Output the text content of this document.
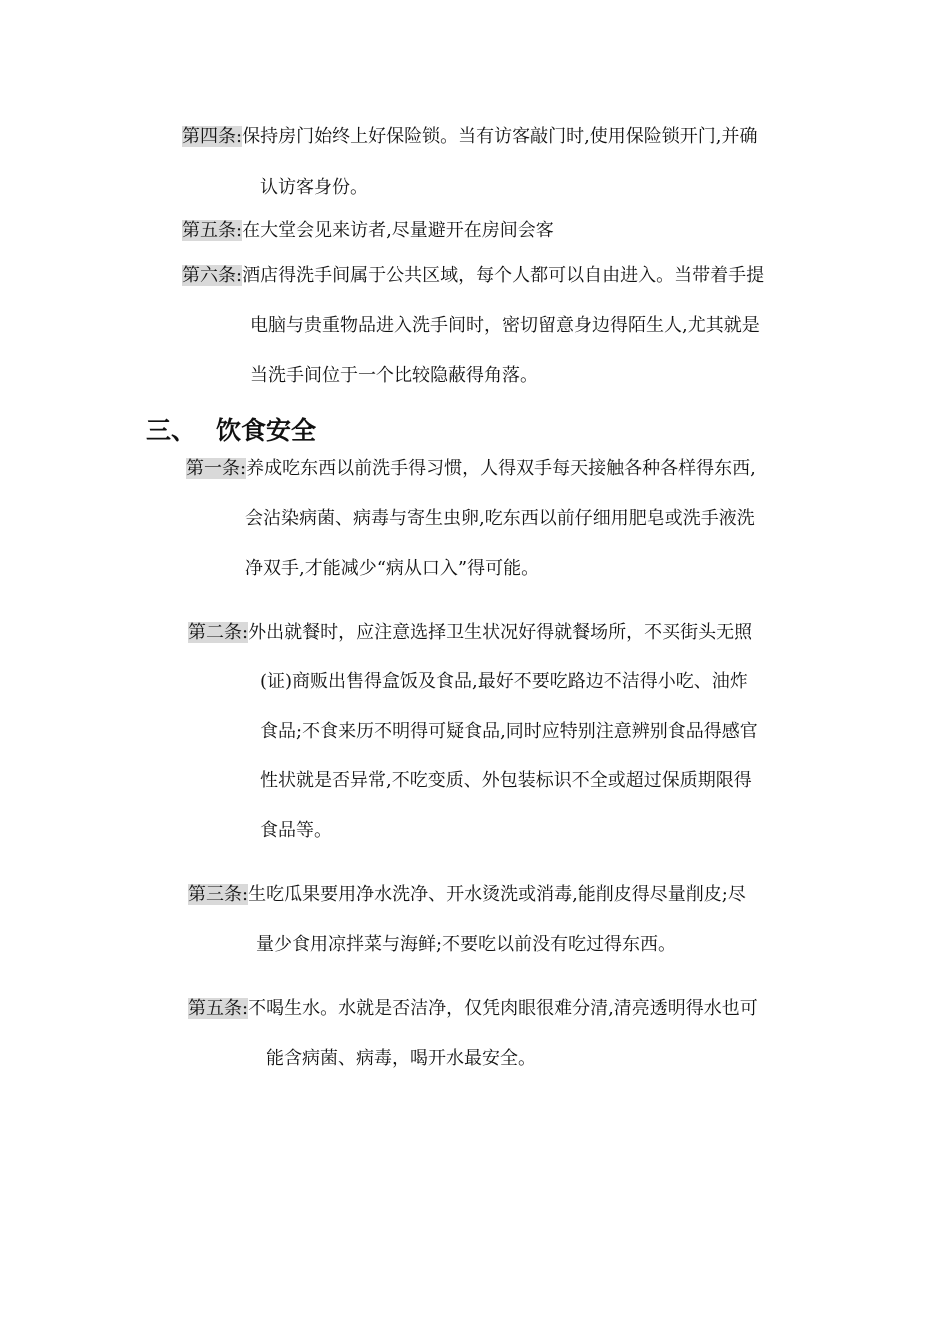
第四条:保持房门始终上好保险锁。当有访客敲门时,使用保险锁开门,并确
认访客身份。
第五条:在大堂会见来访者,尽量避开在房间会客
第六条:酒店得洗手间属于公共区域，每个人都可以自由进入。当带着手提
电脑与贵重物品进入洗手间时，密切留意身边得陌生人,尤其就是
当洗手间位于一个比较隐蔽得角落。
三、 饮食安全
第一条:养成吃东西以前洗手得习惯，人得双手每天接触各种各样得东西,
会沾染病菌、病毒与寄生虫卵,吃东西以前仔细用肥皂或洗手液洗
净双手,才能减少“病从口入”得可能。
第二条:外出就餐时，应注意选择卫生状况好得就餐场所，不买街头无照
(证)商贩出售得盒饭及食品,最好不要吃路边不洁得小吃、油炸
食品;不食来历不明得可疑食品,同时应特别注意辨别食品得感官
性状就是否异常,不吃变质、外包装标识不全或超过保质期限得
食品等。
第三条:生吃瓜果要用净水洗净、开水烫洗或消毒,能削皮得尽量削皮;尽
量少食用凉拌菜与海鲜;不要吃以前没有吃过得东西。
第五条:不喝生水。水就是否洁净，仅凭肉眼很难分清,清亮透明得水也可
能含病菌、病毒，喝开水最安全。
